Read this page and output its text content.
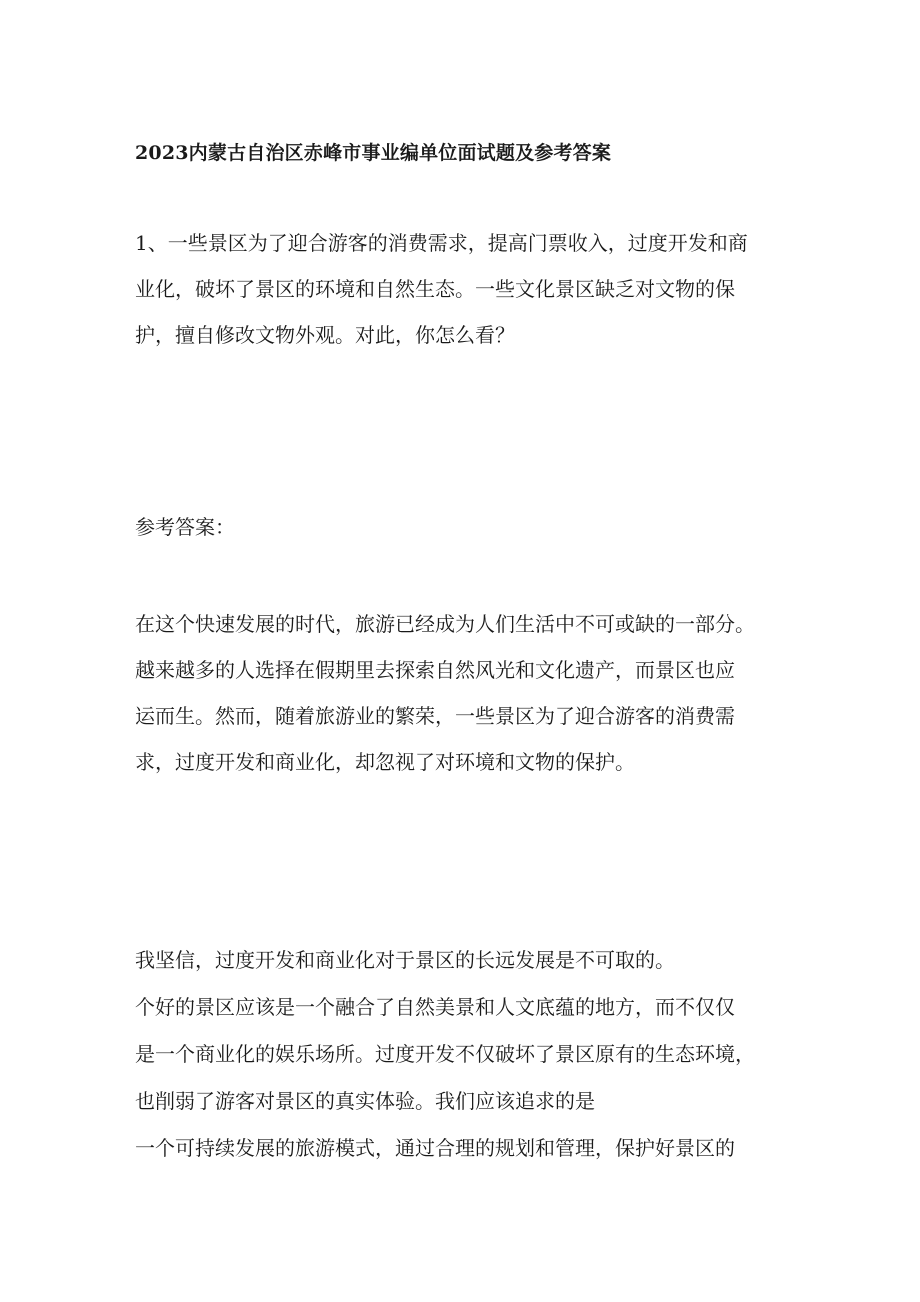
2023内蒙古自治区赤峰市事业编单位面试题及参考答案
1、一些景区为了迎合游客的消费需求，提高门票收入，过度开发和商
业化，破坏了景区的环境和自然生态。一些文化景区缺乏对文物的保
护，擅自修改文物外观。对此，你怎么看？
参考答案：
在这个快速发展的时代，旅游已经成为人们生活中不可或缺的一部分。
越来越多的人选择在假期里去探索自然风光和文化遗产，而景区也应
运而生。然而，随着旅游业的繁荣，一些景区为了迎合游客的消费需
求，过度开发和商业化，却忽视了对环境和文物的保护。
我坚信，过度开发和商业化对于景区的长远发展是不可取的。
个好的景区应该是一个融合了自然美景和人文底蕴的地方，而不仅仅
是一个商业化的娱乐场所。过度开发不仅破坏了景区原有的生态环境，
也削弱了游客对景区的真实体验。我们应该追求的是
一个可持续发展的旅游模式，通过合理的规划和管理，保护好景区的
